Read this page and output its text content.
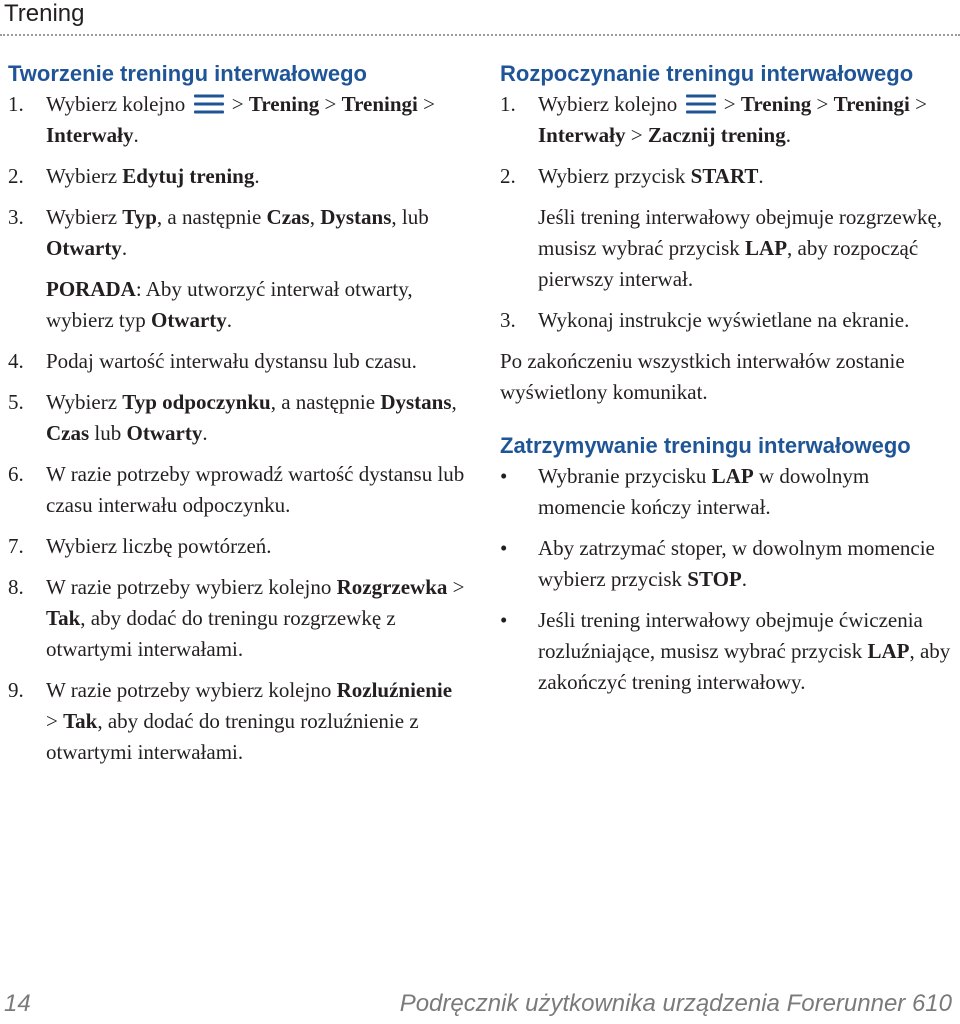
Trening
Tworzenie treningu interwałowego
1. Wybierz kolejno  > Trening > Treningi > Interwały.
2. Wybierz Edytuj trening.
3. Wybierz Typ, a następnie Czas, Dystans, lub Otwarty.
PORADA: Aby utworzyć interwał otwarty, wybierz typ Otwarty.
4. Podaj wartość interwału dystansu lub czasu.
5. Wybierz Typ odpoczynku, a następnie Dystans, Czas lub Otwarty.
6. W razie potrzeby wprowadź wartość dystansu lub czasu interwału odpoczynku.
7. Wybierz liczbę powtórzeń.
8. W razie potrzeby wybierz kolejno Rozgrzewka > Tak, aby dodać do treningu rozgrzewkę z otwartymi interwałami.
9. W razie potrzeby wybierz kolejno Rozluźnienie > Tak, aby dodać do treningu rozluźnienie z otwartymi interwałami.
Rozpoczynanie treningu interwałowego
1. Wybierz kolejno  > Trening > Treningi > Interwały > Zacznij trening.
2. Wybierz przycisk START.
Jeśli trening interwałowy obejmuje rozgrzewkę, musisz wybrać przycisk LAP, aby rozpocząć pierwszy interwał.
3. Wykonaj instrukcje wyświetlane na ekranie.
Po zakończeniu wszystkich interwałów zostanie wyświetlony komunikat.
Zatrzymywanie treningu interwałowego
• Wybranie przycisku LAP w dowolnym momencie kończy interwał.
• Aby zatrzymać stoper, w dowolnym momencie wybierz przycisk STOP.
• Jeśli trening interwałowy obejmuje ćwiczenia rozluźniające, musisz wybrać przycisk LAP, aby zakończyć trening interwałowy.
14	Podręcznik użytkownika urządzenia Forerunner 610
